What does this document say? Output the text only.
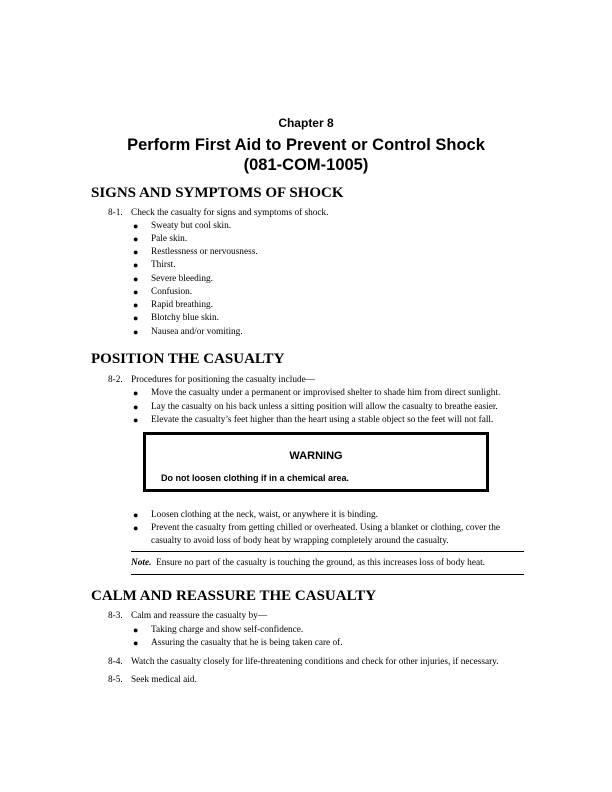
Chapter 8
Perform First Aid to Prevent or Control Shock
(081-COM-1005)
SIGNS AND SYMPTOMS OF SHOCK
8-1. Check the casualty for signs and symptoms of shock.
● Sweaty but cool skin.
● Pale skin.
● Restlessness or nervousness.
● Thirst.
● Severe bleeding.
● Confusion.
● Rapid breathing.
● Blotchy blue skin.
● Nausea and/or vomiting.
POSITION THE CASUALTY
8-2. Procedures for positioning the casualty include—
● Move the casualty under a permanent or improvised shelter to shade him from direct sunlight.
● Lay the casualty on his back unless a sitting position will allow the casualty to breathe easier.
● Elevate the casualty’s feet higher than the heart using a stable object so the feet will not fall.
WARNING
Do not loosen clothing if in a chemical area.
● Loosen clothing at the neck, waist, or anywhere it is binding.
● Prevent the casualty from getting chilled or overheated. Using a blanket or clothing, cover the
casualty to avoid loss of body heat by wrapping completely around the casualty.
Note. Ensure no part of the casualty is touching the ground, as this increases loss of body heat.
CALM AND REASSURE THE CASUALTY
8-3. Calm and reassure the casualty by—
● Taking charge and show self-confidence.
● Assuring the casualty that he is being taken care of.
8-4. Watch the casualty closely for life-threatening conditions and check for other injuries, if necessary.
8-5. Seek medical aid.
